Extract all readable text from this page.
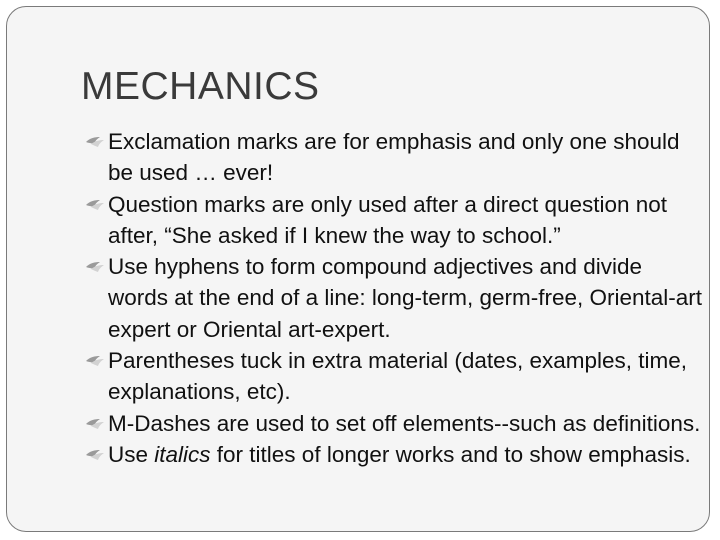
MECHANICS
Exclamation marks are for emphasis and only one should be used … ever!
Question marks are only used after a direct question not after, “She asked if I knew the way to school.”
Use hyphens to form compound adjectives and divide words at the end of a line: long-term, germ-free, Oriental-art expert or Oriental art-expert.
Parentheses tuck in extra material (dates, examples, time, explanations, etc).
M-Dashes are used to set off elements--such as definitions.
Use italics for titles of longer works and to show emphasis.
